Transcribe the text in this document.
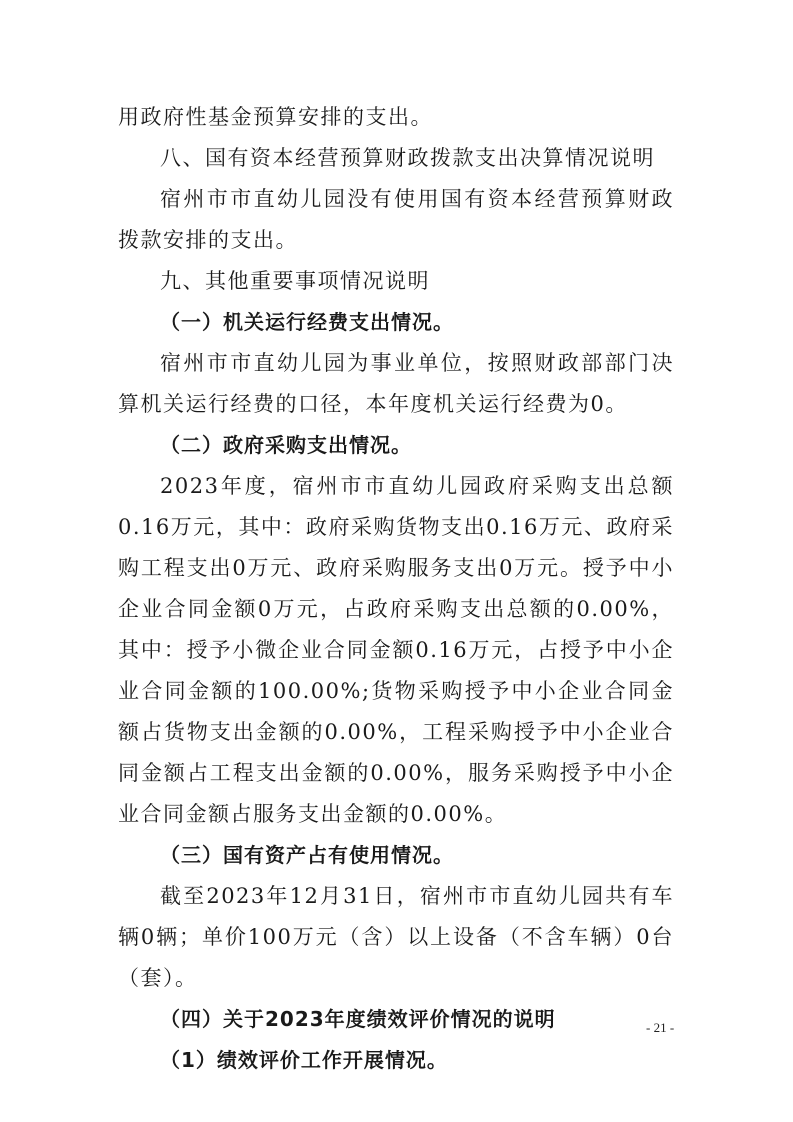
用政府性基金预算安排的支出。

八、国有资本经营预算财政拨款支出决算情况说明

宿州市市直幼儿园没有使用国有资本经营预算财政拨款安排的支出。

九、其他重要事项情况说明

（一）机关运行经费支出情况。

宿州市市直幼儿园为事业单位，按照财政部部门决算机关运行经费的口径，本年度机关运行经费为0。

（二）政府采购支出情况。

2023年度，宿州市市直幼儿园政府采购支出总额0.16万元，其中：政府采购货物支出0.16万元、政府采购工程支出0万元、政府采购服务支出0万元。授予中小企业合同金额0万元，占政府采购支出总额的0.00%，其中：授予小微企业合同金额0.16万元，占授予中小企业合同金额的100.00%;货物采购授予中小企业合同金额占货物支出金额的0.00%，工程采购授予中小企业合同金额占工程支出金额的0.00%，服务采购授予中小企业合同金额占服务支出金额的0.00%。

（三）国有资产占有使用情况。

截至2023年12月31日，宿州市市直幼儿园共有车辆0辆；单价100万元（含）以上设备（不含车辆）0台（套）。

（四）关于2023年度绩效评价情况的说明

（1）绩效评价工作开展情况。

- 21 -
